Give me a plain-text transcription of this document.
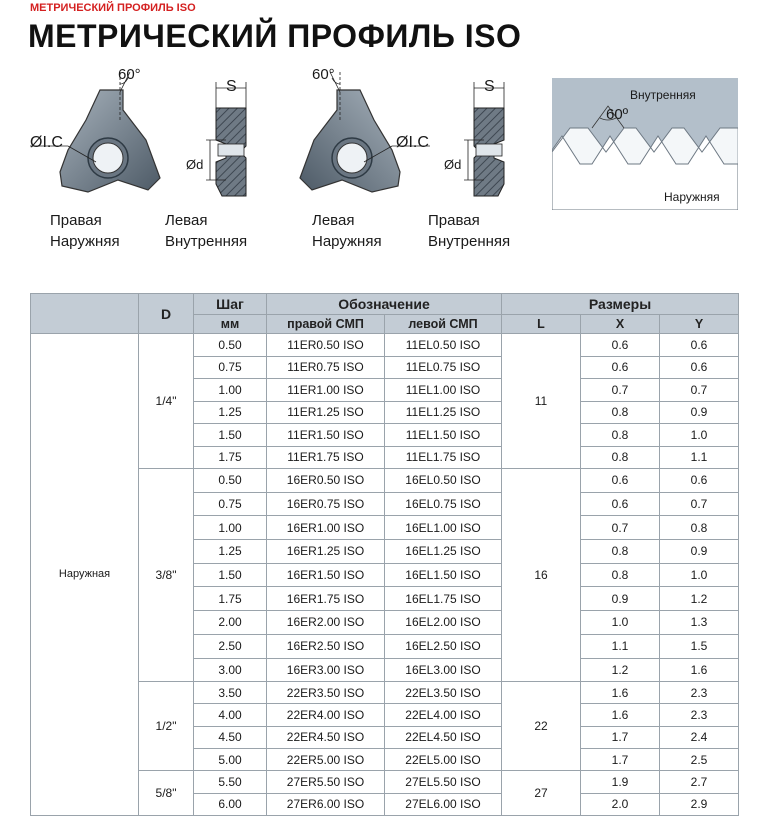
МЕТРИЧЕСКИЙ ПРОФИЛЬ ISO
МЕТРИЧЕСКИЙ ПРОФИЛЬ ISO
60°
ØI.C
S
Ød
Правая
Наружняя
Левая
Внутренняя
60°
ØI.C
S
Ød
Левая
Наружняя
Правая
Внутренняя
Внутренняя
60º
Наружняя
	D	Шаг	Обозначение		Размеры		
		мм	правой СМП	левой СМП	L	X	Y
Наружная	1/4"	0.50	11ER0.50 ISO	11EL0.50 ISO	11	0.6	0.6
		0.75	11ER0.75 ISO	11EL0.75 ISO		0.6	0.6
		1.00	11ER1.00 ISO	11EL1.00 ISO		0.7	0.7
		1.25	11ER1.25 ISO	11EL1.25 ISO		0.8	0.9
		1.50	11ER1.50 ISO	11EL1.50 ISO		0.8	1.0
		1.75	11ER1.75 ISO	11EL1.75 ISO		0.8	1.1
	3/8"	0.50	16ER0.50 ISO	16EL0.50 ISO	16	0.6	0.6
		0.75	16ER0.75 ISO	16EL0.75 ISO		0.6	0.7
		1.00	16ER1.00 ISO	16EL1.00 ISO		0.7	0.8
		1.25	16ER1.25 ISO	16EL1.25 ISO		0.8	0.9
		1.50	16ER1.50 ISO	16EL1.50 ISO		0.8	1.0
		1.75	16ER1.75 ISO	16EL1.75 ISO		0.9	1.2
		2.00	16ER2.00 ISO	16EL2.00 ISO		1.0	1.3
		2.50	16ER2.50 ISO	16EL2.50 ISO		1.1	1.5
		3.00	16ER3.00 ISO	16EL3.00 ISO		1.2	1.6
	1/2"	3.50	22ER3.50 ISO	22EL3.50 ISO	22	1.6	2.3
		4.00	22ER4.00 ISO	22EL4.00 ISO		1.6	2.3
		4.50	22ER4.50 ISO	22EL4.50 ISO		1.7	2.4
		5.00	22ER5.00 ISO	22EL5.00 ISO		1.7	2.5
	5/8"	5.50	27ER5.50 ISO	27EL5.50 ISO	27	1.9	2.7
		6.00	27ER6.00 ISO	27EL6.00 ISO		2.0	2.9
